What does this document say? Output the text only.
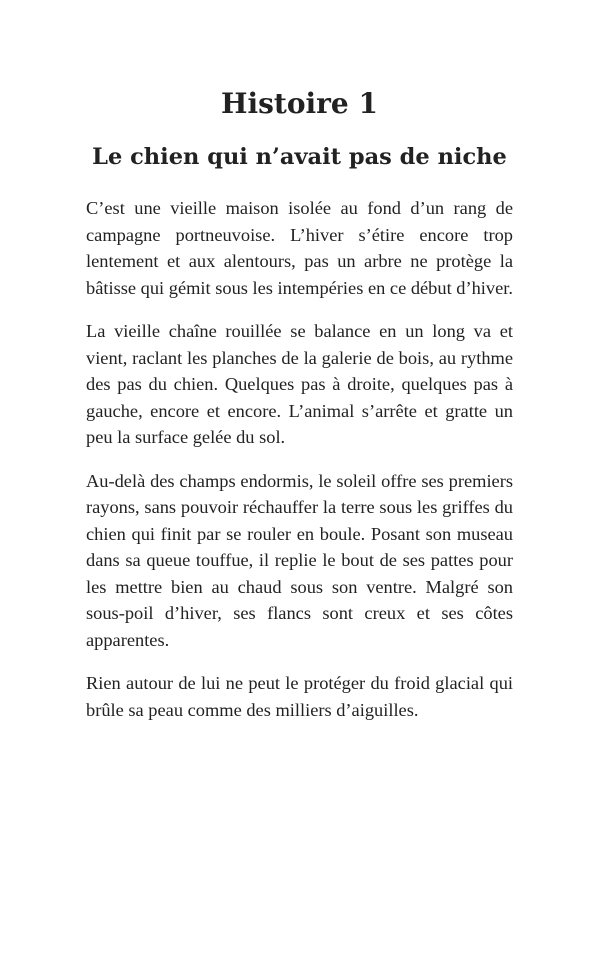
Histoire 1
Le chien qui n’avait pas de niche

C’est une vieille maison isolée au fond d’un rang de campagne portneuvoise. L’hiver s’étire encore trop lentement et aux alentours, pas un arbre ne protège la bâtisse qui gémit sous les intempéries en ce début d’hiver.

La vieille chaîne rouillée se balance en un long va et vient, raclant les planches de la galerie de bois, au rythme des pas du chien. Quelques pas à droite, quelques pas à gauche, encore et encore. L’animal s’arrête et gratte un peu la surface gelée du sol.

Au-delà des champs endormis, le soleil offre ses premiers rayons, sans pouvoir réchauffer la terre sous les griffes du chien qui finit par se rouler en boule. Posant son museau dans sa queue touffue, il replie le bout de ses pattes pour les mettre bien au chaud sous son ventre. Malgré son sous-poil d’hiver, ses flancs sont creux et ses côtes apparentes.

Rien autour de lui ne peut le protéger du froid glacial qui brûle sa peau comme des milliers d’aiguilles.
